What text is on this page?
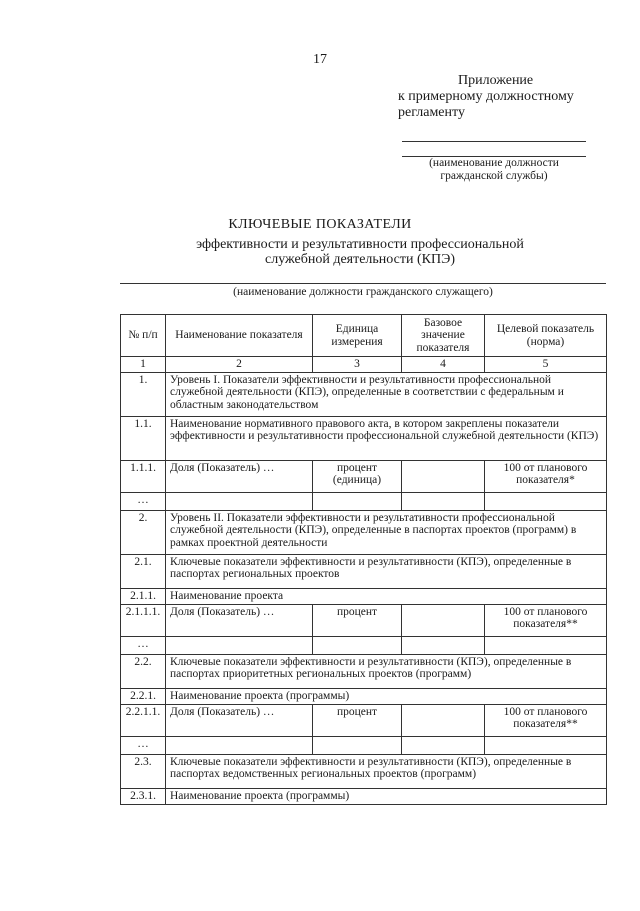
17
Приложение
к примерному должностному
регламенту
(наименование должности
гражданской службы)
КЛЮЧЕВЫЕ ПОКАЗАТЕЛИ
эффективности и результативности профессиональной
служебной деятельности (КПЭ)
(наименование должности гражданского служащего)
№ п/п	Наименование показателя	Единица измерения	Базовое значение показателя	Целевой показатель (норма)
1	2	3	4	5
1.	Уровень I. Показатели эффективности и результативности профессиональной служебной деятельности (КПЭ), определенные в соответствии с федеральным и областным законодательством			
1.1.	Наименование нормативного правового акта, в котором закреплены показатели эффективности и результативности профессиональной служебной деятельности (КПЭ)			
1.1.1.	Доля (Показатель) …	процент (единица)		100 от планового показателя*
…				
2.	Уровень II. Показатели эффективности и результативности профессиональной служебной деятельности (КПЭ), определенные в паспортах проектов (программ) в рамках проектной деятельности			
2.1.	Ключевые показатели эффективности и результативности (КПЭ), определенные в паспортах региональных проектов			
2.1.1.	Наименование проекта			
2.1.1.1.	Доля (Показатель) …	процент		100 от планового показателя**
…				
2.2.	Ключевые показатели эффективности и результативности (КПЭ), определенные в паспортах приоритетных региональных проектов (программ)			
2.2.1.	Наименование проекта (программы)			
2.2.1.1.	Доля (Показатель) …	процент		100 от планового показателя**
…				
2.3.	Ключевые показатели эффективности и результативности (КПЭ), определенные в паспортах ведомственных региональных проектов (программ)			
2.3.1.	Наименование проекта (программы)			
